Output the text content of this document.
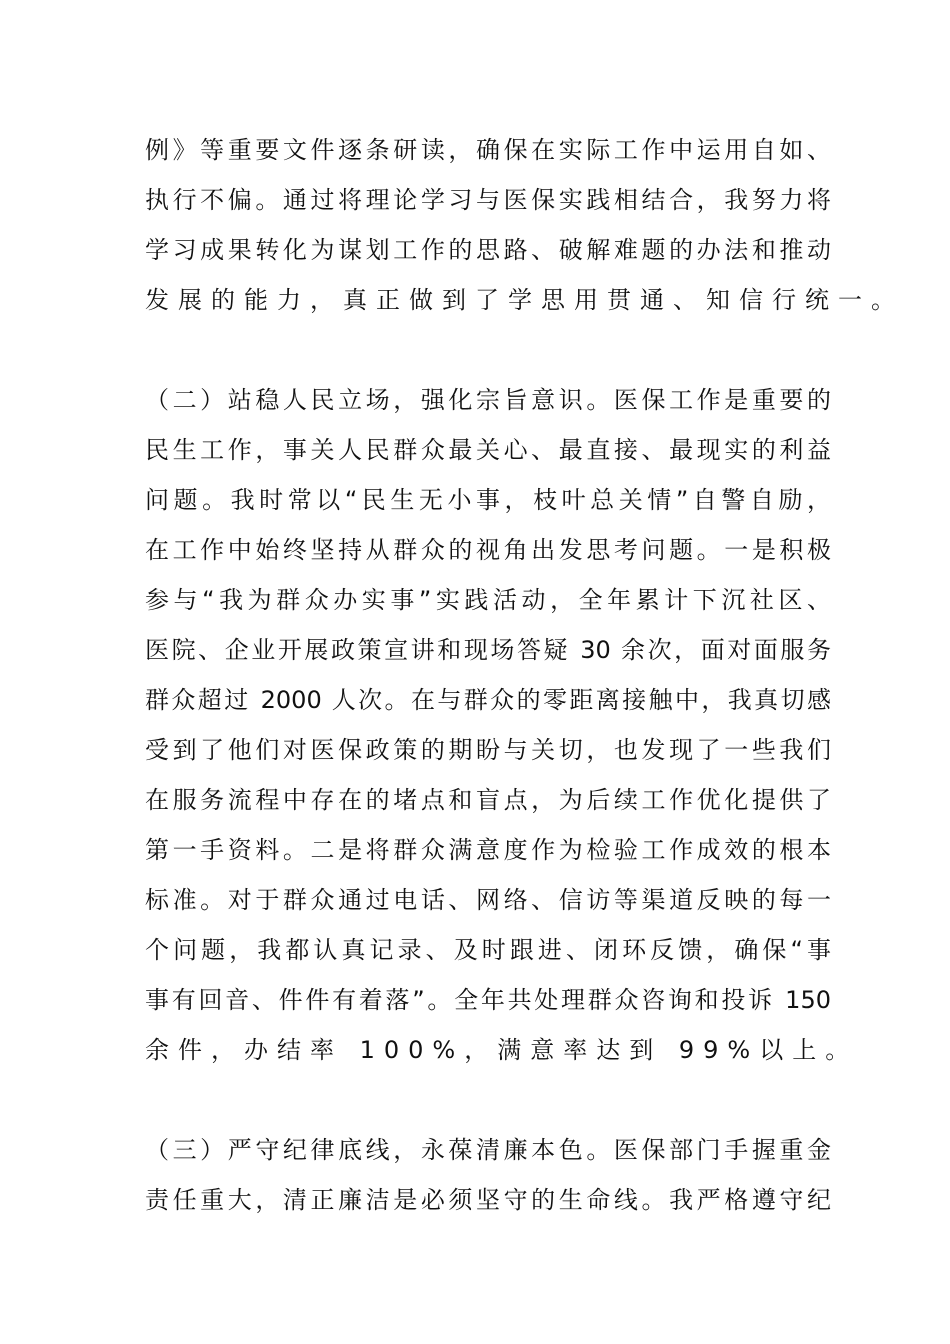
例》等重要文件逐条研读，确保在实际工作中运用自如、
执行不偏。通过将理论学习与医保实践相结合，我努力将
学习成果转化为谋划工作的思路、破解难题的办法和推动
发展的能力，真正做到了学思用贯通、知信行统一。
（二）站稳人民立场，强化宗旨意识。医保工作是重要的
民生工作，事关人民群众最关心、最直接、最现实的利益
问题。我时常以“民生无小事，枝叶总关情”自警自励，
在工作中始终坚持从群众的视角出发思考问题。一是积极
参与“我为群众办实事”实践活动，全年累计下沉社区、
医院、企业开展政策宣讲和现场答疑 30 余次，面对面服务
群众超过 2000 人次。在与群众的零距离接触中，我真切感
受到了他们对医保政策的期盼与关切，也发现了一些我们
在服务流程中存在的堵点和盲点，为后续工作优化提供了
第一手资料。二是将群众满意度作为检验工作成效的根本
标准。对于群众通过电话、网络、信访等渠道反映的每一
个问题，我都认真记录、及时跟进、闭环反馈，确保“事
事有回音、件件有着落”。全年共处理群众咨询和投诉 150
余件，办结率 100%，满意率达到 99%以上。
（三）严守纪律底线，永葆清廉本色。医保部门手握重金
责任重大，清正廉洁是必须坚守的生命线。我严格遵守纪
